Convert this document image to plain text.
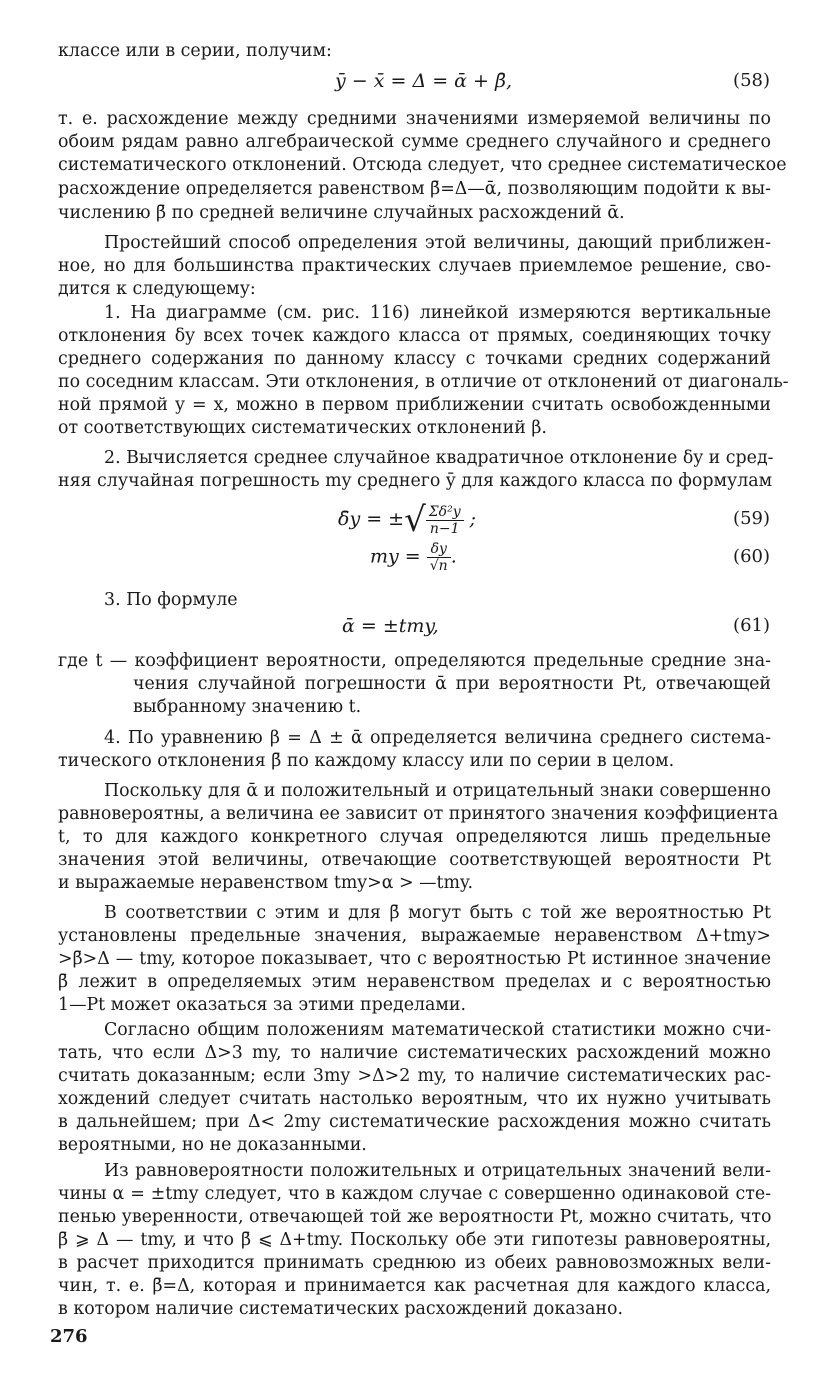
классе или в серии, получим:
ȳ − x̄ = Δ = ᾱ + β̄,	(58)
т. е. расхождение между средними значениями измеряемой величины по
обоим рядам равно алгебраической сумме среднего случайного и среднего
систематического отклонений. Отсюда следует, что среднее систематическое
расхождение определяется равенством β̄=Δ—ᾱ, позволяющим подойти к вы-
числению β̄ по средней величине случайных расхождений ᾱ.
Простейший способ определения этой величины, дающий приближен-
ное, но для большинства практических случаев приемлемое решение, сво-
дится к следующему:
1. На диаграмме (см. рис. 116) линейкой измеряются вертикальные
отклонения δy всех точек каждого класса от прямых, соединяющих точку
среднего содержания по данному классу с точками средних содержаний
по соседним классам. Эти отклонения, в отличие от отклонений от диагональ-
ной прямой y = x, можно в первом приближении считать освобожденными
от соответствующих систематических отклонений β.
2. Вычисляется среднее случайное квадратичное отклонение δy и сред-
няя случайная погрешность my среднего ȳ для каждого класса по формулам
δ̄y = ±√ $\frac{\text{Σδ²y}}{n-1}$ ;	(59)
my = $\frac{\deltāy}{√n}$ .	(60)
3. По формуле
ᾱ = ±tmy,	(61)
где t — коэффициент вероятности, определяются предельные средние зна-
чения случайной погрешности ᾱ при вероятности Pt, отвечающей
выбранному значению t.
4. По уравнению β = Δ ± ᾱ определяется величина среднего система-
тического отклонения β̄ по каждому классу или по серии в целом.
Поскольку для ᾱ и положительный и отрицательный знаки совершенно
равновероятны, а величина ее зависит от принятого значения коэффициента
t, то для каждого конкретного случая определяются лишь предельные
значения этой величины, отвечающие соответствующей вероятности Pt
и выражаемые неравенством tmy>α > —tmy.
В соответствии с этим и для β̄ могут быть с той же вероятностью Pt
установлены предельные значения, выражаемые неравенством Δ+tmy>
>β̄>Δ — tmy, которое показывает, что с вероятностью Pt истинное значение
β̄ лежит в определяемых этим неравенством пределах и с вероятностью
1—Pt может оказаться за этими пределами.
Согласно общим положениям математической статистики можно счи-
тать, что если Δ>3 my, то наличие систематических расхождений можно
считать доказанным; если 3my >Δ>2 my, то наличие систематических рас-
хождений следует считать настолько вероятным, что их нужно учитывать
в дальнейшем; при Δ< 2my систематические расхождения можно считать
вероятными, но не доказанными.
Из равновероятности положительных и отрицательных значений вели-
чины α = ±tmy следует, что в каждом случае с совершенно одинаковой сте-
пенью уверенности, отвечающей той же вероятности Pt, можно считать, что
β̄ ⩾ Δ — tmy, и что β̄ ⩽ Δ+tmy. Поскольку обе эти гипотезы равновероятны,
в расчет приходится принимать среднюю из обеих равновозможных вели-
чин, т. е. β̄=Δ, которая и принимается как расчетная для каждого класса,
в котором наличие систематических расхождений доказано.
276
